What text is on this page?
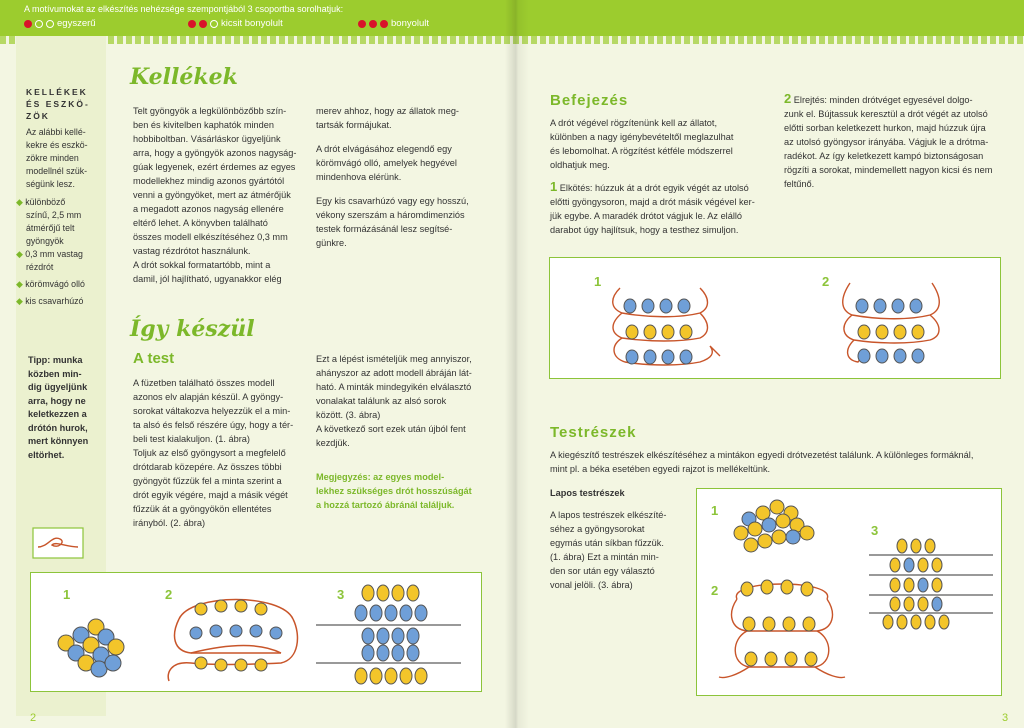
A motívumokat az elkészítés nehézsége szempontjából 3 csoportba sorolhatjuk:
egyszerű	kicsit bonyolult	bonyolult
KELLÉKEK
ÉS ESZKÖ-
ZÖK
Az alábbi kellé-
kekre és eszkö-
zökre minden
modellnél szük-
ségünk lesz.
◆ különböző
színű, 2,5 mm
átmérőjű telt
gyöngyök
◆ 0,3 mm vastag
rézdrót
◆ körömvágó olló
◆ kis csavarhúzó
Tipp: munka
közben min-
dig ügyeljünk
arra, hogy ne
keletkezzen a
drótón hurok,
mert könnyen
eltörhet.
Kellékek
Telt gyöngyök a legkülönbözőbb szín-
ben és kivitelben kaphatók minden
hobbiboltban. Vásárláskor ügyeljünk
arra, hogy a gyöngyök azonos nagyság-
gúak legyenek, ezért érdemes az egyes
modellekhez mindig azonos gyártótól
venni a gyöngyöket, mert az átmérőjük
a megadott azonos nagyság ellenére
eltérő lehet. A könyvben található
összes modell elkészítéséhez 0,3 mm
vastag rézdrótot használunk.
A drót sokkal formatartóbb, mint a
damil, jól hajlítható, ugyanakkor elég
merev ahhoz, hogy az állatok meg-
tartsák formájukat.
A drót elvágásához elegendő egy
körömvágó olló, amelyek hegyével
mindenhova elérünk.
Egy kis csavarhúzó vagy egy hosszú,
vékony szerszám a háromdimenziós
testek formázásánál lesz segítsé-
günkre.
Így készül
A test
A füzetben található összes modell
azonos elv alapján készül. A gyöngy-
sorokat váltakozva helyezzük el a min-
ta alsó és felső részére úgy, hogy a tér-
beli test kialakuljon. (1. ábra)
Toljuk az első gyöngysort a megfelelő
drótdarab közepére. Az összes többi
gyöngyöt fűzzük fel a minta szerint a
drót egyik végére, majd a másik végét
fűzzük át a gyöngyökön ellentétes
irányból. (2. ábra)
Ezt a lépést ismételjük meg annyiszor,
ahányszor az adott modell ábráján lát-
ható. A minták mindegyikén elválasztó
vonalakat találunk az alsó sorok
között. (3. ábra)
A következő sort ezek után újból fent
kezdjük.
Megjegyzés: az egyes model-
lekhez szükséges drót hosszúságát
a hozzá tartozó ábránál találjuk.
1	2	3
2
Befejezés
A drót végével rögzítenünk kell az állatot,
különben a nagy igénybevételtől meglazulhat
és lebomolhat. A rögzítést kétféle módszerrel
oldhatjuk meg.
1 Elkötés: húzzuk át a drót egyik végét az utolsó
előtti gyöngysoron, majd a drót másik végével ker-
jük egybe. A maradék drótot vágjuk le. Az elálló
darabot úgy hajlítsuk, hogy a testhez simuljon.
2 Elrejtés: minden drótvéget egyesével dolgo-
zunk el. Bújtassuk keresztül a drót végét az utolsó
előtti sorban keletkezett hurkon, majd húzzuk újra
az utolsó gyöngysor irányába. Vágjuk le a drótma-
radékot. Az így keletkezett kampó biztonságosan
rögzíti a sorokat, mindemellett nagyon kicsi és nem
feltűnő.
1	2
Testrészek
A kiegészítő testrészek elkészítéséhez a mintákon egyedi drótvezetést találunk. A különleges formáknál,
mint pl. a béka esetében egyedi rajzot is mellékeltünk.
Lapos testrészek
A lapos testrészek elkészíté-
séhez a gyöngysorokat
egymás után síkban fűzzük.
(1. ábra) Ezt a mintán min-
den sor után egy választó
vonal jelöli. (3. ábra)
1
2
3
3
